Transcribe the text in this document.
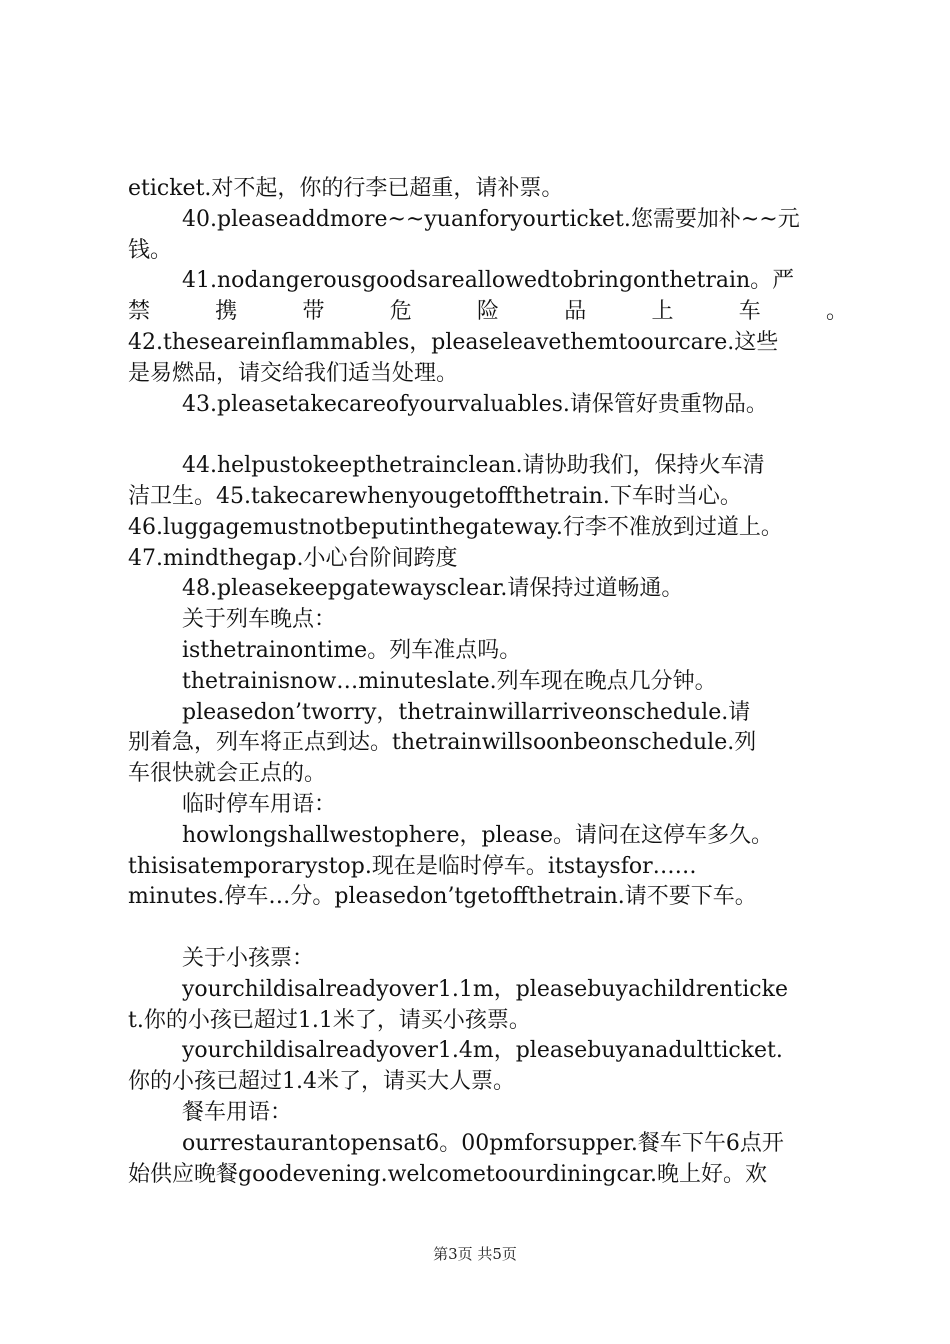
eticket.对不起，你的行李已超重，请补票。
40.pleaseaddmore~~yuanforyourticket.您需要加补~~元
钱。
41.nodangerousgoodsareallowedtobringonthetrain。严
禁 携 带 危 险 品 上 车 。
42.theseareinflammables，pleaseleavethemtoourcare.这些
是易燃品，请交给我们适当处理。
43.pleasetakecareofyourvaluables.请保管好贵重物品。
44.helpustokeepthetrainclean.请协助我们，保持火车清
洁卫生。45.takecarewhenyougetoffthetrain.下车时当心。
46.luggagemustnotbeputinthegateway.行李不准放到过道上。
47.mindthegap.小心台阶间跨度
48.pleasekeepgatewaysclear.请保持过道畅通。
关于列车晚点：
isthetrainontime。列车准点吗。
thetrainisnow…minuteslate.列车现在晚点几分钟。
pleasedon’tworry，thetrainwillarriveonschedule.请
别着急，列车将正点到达。thetrainwillsoonbeonschedule.列
车很快就会正点的。
临时停车用语：
howlongshallwestophere，please。请问在这停车多久。
thisisatemporarystop.现在是临时停车。itstaysfor……
minutes.停车…分。pleasedon’tgetoffthetrain.请不要下车。
关于小孩票：
yourchildisalreadyover1.1m，pleasebuyachildrenticke
t.你的小孩已超过1.1米了，请买小孩票。
yourchildisalreadyover1.4m，pleasebuyanadultticket.
你的小孩已超过1.4米了，请买大人票。
餐车用语：
ourrestaurantopensat6。00pmforsupper.餐车下午6点开
始供应晚餐goodevening.welcometoourdiningcar.晚上好。欢
第3页 共5页
